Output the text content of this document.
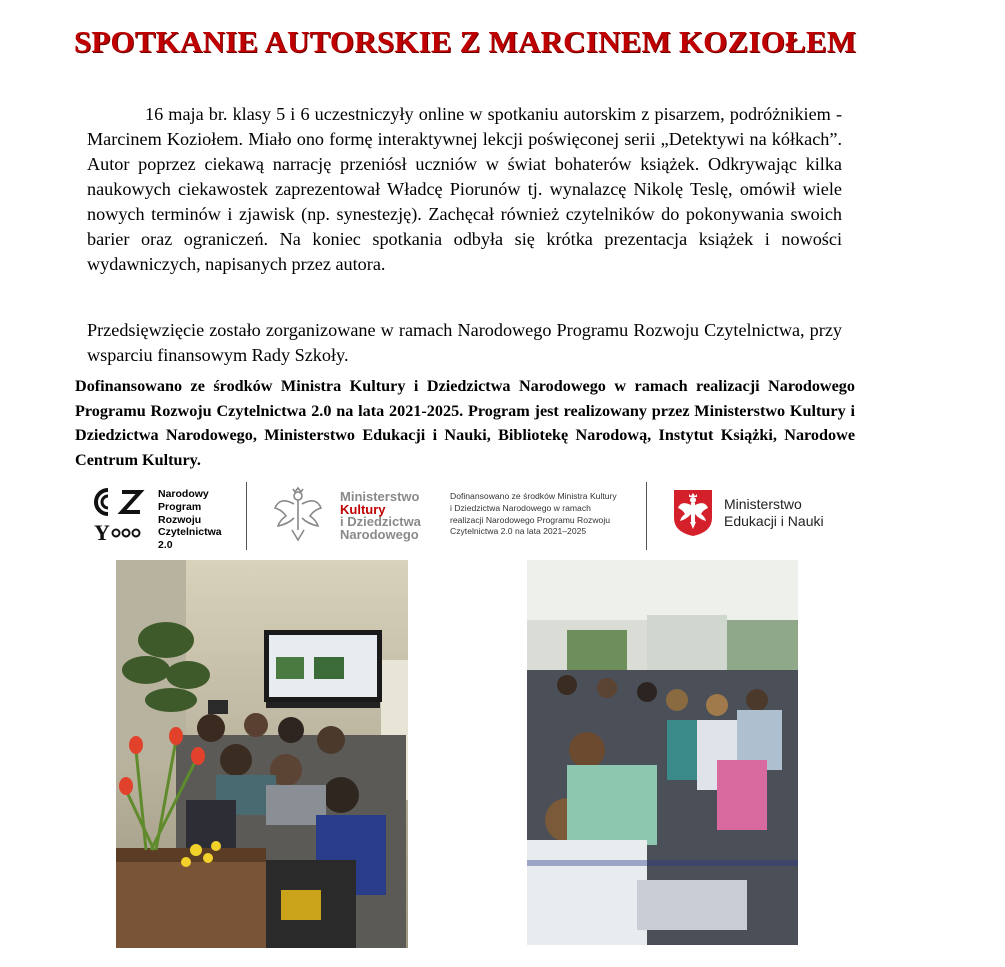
SPOTKANIE AUTORSKIE Z MARCINEM KOZIOŁEM

16 maja br. klasy 5 i 6 uczestniczyły online w spotkaniu autorskim z pisarzem, podróżnikiem - Marcinem Koziołem. Miało ono formę interaktywnej lekcji poświęconej serii „Detektywi na kółkach”. Autor poprzez ciekawą narrację przeniósł uczniów w świat bohaterów książek. Odkrywając kilka naukowych ciekawostek zaprezentował Władcę Piorunów tj. wynalazcę Nikolę Teslę, omówił wiele nowych terminów i zjawisk (np. synestezję). Zachęcał również czytelników do pokonywania swoich barier oraz ograniczeń. Na koniec spotkania odbyła się krótka prezentacja książek i nowości wydawniczych, napisanych przez autora.

Przedsięwzięcie zostało zorganizowane w ramach Narodowego Programu Rozwoju Czytelnictwa, przy wsparciu finansowym Rady Szkoły.

Dofinansowano ze środków Ministra Kultury i Dziedzictwa Narodowego w ramach realizacji Narodowego Programu Rozwoju Czytelnictwa 2.0 na lata 2021-2025. Program jest realizowany przez Ministerstwo Kultury i Dziedzictwa Narodowego, Ministerstwo Edukacji i Nauki, Bibliotekę Narodową, Instytut Książki, Narodowe Centrum Kultury.

Y
Narodowy
Program
Rozwoju
Czytelnictwa
2.0
Ministerstwo
Kultury
i Dziedzictwa
Narodowego
Dofinansowano ze środków Ministra Kultury
i Dziedzictwa Narodowego w ramach
realizacji Narodowego Programu Rozwoju
Czytelnictwa 2.0 na lata 2021–2025
Ministerstwo
Edukacji i Nauki
